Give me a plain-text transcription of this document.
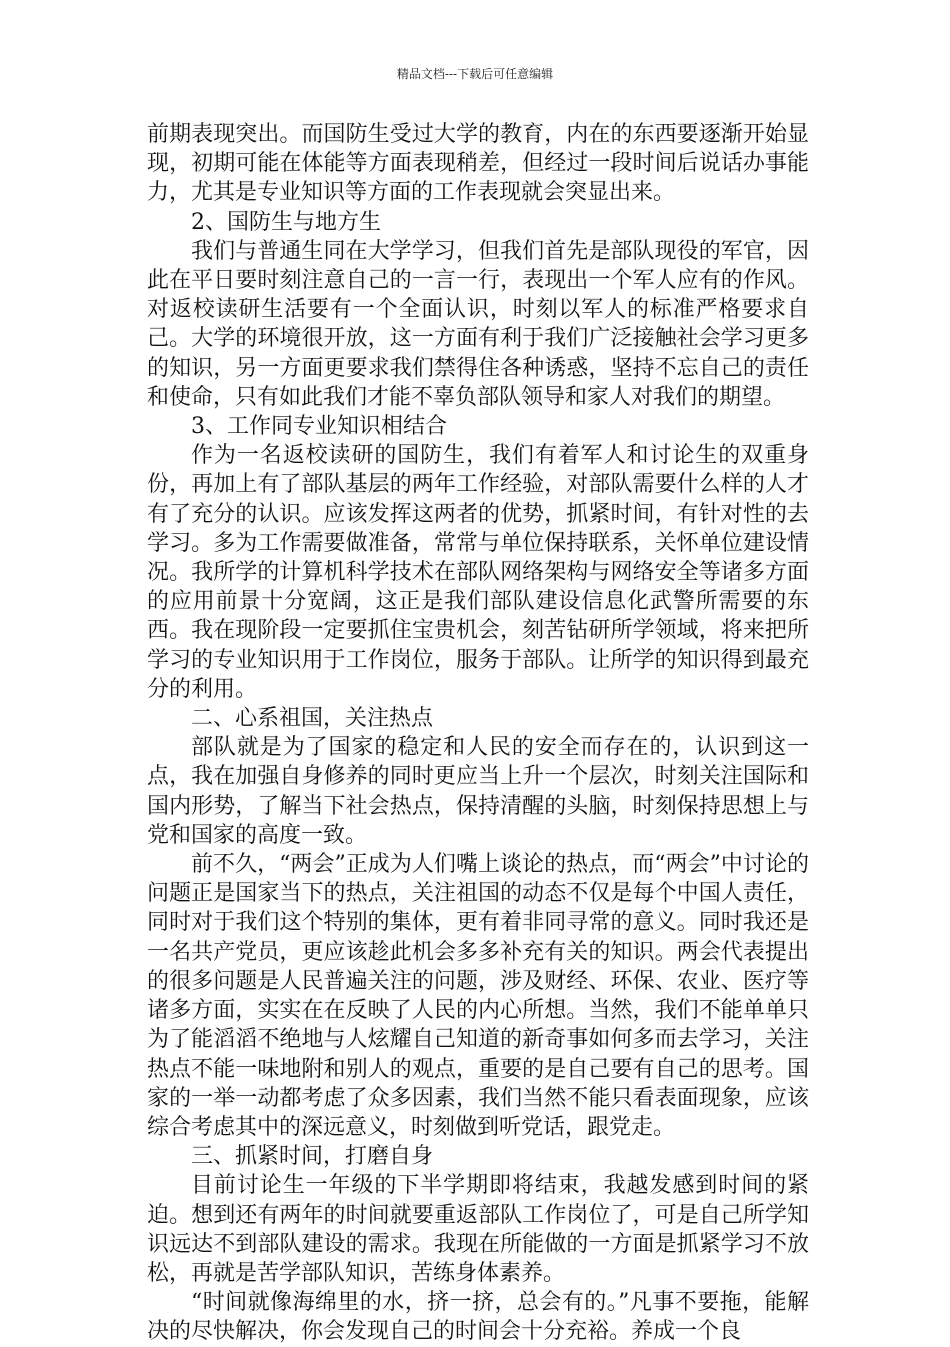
精品文档---下载后可任意编辑

前期表现突出。而国防生受过大学的教育，内在的东西要逐渐开始显现，初期可能在体能等方面表现稍差，但经过一段时间后说话办事能力，尤其是专业知识等方面的工作表现就会突显出来。

2、国防生与地方生

我们与普通生同在大学学习，但我们首先是部队现役的军官，因此在平日要时刻注意自己的一言一行，表现出一个军人应有的作风。对返校读研生活要有一个全面认识，时刻以军人的标准严格要求自己。大学的环境很开放，这一方面有利于我们广泛接触社会学习更多的知识，另一方面更要求我们禁得住各种诱惑，坚持不忘自己的责任和使命，只有如此我们才能不辜负部队领导和家人对我们的期望。

3、工作同专业知识相结合

作为一名返校读研的国防生，我们有着军人和讨论生的双重身份，再加上有了部队基层的两年工作经验，对部队需要什么样的人才有了充分的认识。应该发挥这两者的优势，抓紧时间，有针对性的去学习。多为工作需要做准备，常常与单位保持联系，关怀单位建设情况。我所学的计算机科学技术在部队网络架构与网络安全等诸多方面的应用前景十分宽阔，这正是我们部队建设信息化武警所需要的东西。我在现阶段一定要抓住宝贵机会，刻苦钻研所学领域，将来把所学习的专业知识用于工作岗位，服务于部队。让所学的知识得到最充分的利用。

二、心系祖国，关注热点

部队就是为了国家的稳定和人民的安全而存在的，认识到这一点，我在加强自身修养的同时更应当上升一个层次，时刻关注国际和国内形势，了解当下社会热点，保持清醒的头脑，时刻保持思想上与党和国家的高度一致。

前不久，“两会”正成为人们嘴上谈论的热点，而“两会”中讨论的问题正是国家当下的热点，关注祖国的动态不仅是每个中国人责任，同时对于我们这个特别的集体，更有着非同寻常的意义。同时我还是一名共产党员，更应该趁此机会多多补充有关的知识。两会代表提出的很多问题是人民普遍关注的问题，涉及财经、环保、农业、医疗等诸多方面，实实在在反映了人民的内心所想。当然，我们不能单单只为了能滔滔不绝地与人炫耀自己知道的新奇事如何多而去学习，关注热点不能一味地附和别人的观点，重要的是自己要有自己的思考。国家的一举一动都考虑了众多因素，我们当然不能只看表面现象，应该综合考虑其中的深远意义，时刻做到听党话，跟党走。

三、抓紧时间，打磨自身

目前讨论生一年级的下半学期即将结束，我越发感到时间的紧迫。想到还有两年的时间就要重返部队工作岗位了，可是自己所学知识远达不到部队建设的需求。我现在所能做的一方面是抓紧学习不放松，再就是苦学部队知识，苦练身体素养。

“时间就像海绵里的水，挤一挤，总会有的。”凡事不要拖，能解决的尽快解决，你会发现自己的时间会十分充裕。养成一个良
